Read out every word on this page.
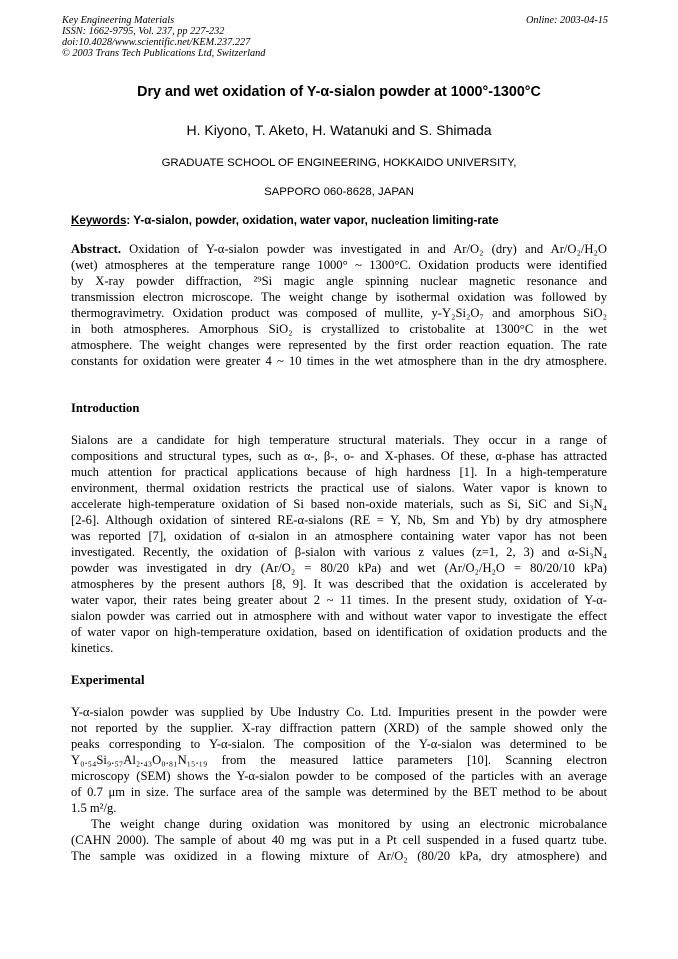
Key Engineering Materials
ISSN: 1662-9795, Vol. 237, pp 227-232
doi:10.4028/www.scientific.net/KEM.237.227
© 2003 Trans Tech Publications Ltd, Switzerland
Online: 2003-04-15
Dry and wet oxidation of Y-α-sialon powder at 1000°-1300°C
H. Kiyono, T. Aketo, H. Watanuki and S. Shimada
GRADUATE SCHOOL OF ENGINEERING, HOKKAIDO UNIVERSITY,
SAPPORO 060-8628, JAPAN
Keywords: Y-α-sialon, powder, oxidation, water vapor, nucleation limiting-rate
Abstract. Oxidation of Y-α-sialon powder was investigated in and Ar/O₂ (dry) and Ar/O₂/H₂O
(wet) atmospheres at the temperature range 1000° ~ 1300°C. Oxidation products were identified
by X-ray powder diffraction, ²⁹Si magic angle spinning nuclear magnetic resonance and
transmission electron microscope. The weight change by isothermal oxidation was followed by
thermogravimetry. Oxidation product was composed of mullite, y-Y₂Si₂O₇ and amorphous SiO₂
in both atmospheres. Amorphous SiO₂ is crystallized to cristobalite at 1300°C in the wet
atmosphere. The weight changes were represented by the first order reaction equation. The rate
constants for oxidation were greater 4 ~ 10 times in the wet atmosphere than in the dry atmosphere.
Introduction
Sialons are a candidate for high temperature structural materials. They occur in a range of
compositions and structural types, such as α-, β-, o- and X-phases. Of these, α-phase has attracted
much attention for practical applications because of high hardness [1]. In a high-temperature
environment, thermal oxidation restricts the practical use of sialons. Water vapor is known to
accelerate high-temperature oxidation of Si based non-oxide materials, such as Si, SiC and Si₃N₄
[2-6]. Although oxidation of sintered RE-α-sialons (RE = Y, Nb, Sm and Yb) by dry atmosphere
was reported [7], oxidation of α-sialon in an atmosphere containing water vapor has not been
investigated. Recently, the oxidation of β-sialon with various z values (z=1, 2, 3) and α-Si₃N₄
powder was investigated in dry (Ar/O₂ = 80/20 kPa) and wet (Ar/O₂/H₂O = 80/20/10 kPa)
atmospheres by the present authors [8, 9]. It was described that the oxidation is accelerated by
water vapor, their rates being greater about 2 ~ 11 times. In the present study, oxidation of Y-α-
sialon powder was carried out in atmosphere with and without water vapor to investigate the effect
of water vapor on high-temperature oxidation, based on identification of oxidation products and the
kinetics.
Experimental
Y-α-sialon powder was supplied by Ube Industry Co. Ltd. Impurities present in the powder were
not reported by the supplier. X-ray diffraction pattern (XRD) of the sample showed only the
peaks corresponding to Y-α-sialon. The composition of the Y-α-sialon was determined to be
Y₀.₅₄Si₉.₅₇Al₂.₄₃O₀.₈₁N₁₅.₁₉ from the measured lattice parameters [10]. Scanning electron
microscopy (SEM) shows the Y-α-sialon powder to be composed of the particles with an average
of 0.7 μm in size. The surface area of the sample was determined by the BET method to be about
1.5 m²/g.
The weight change during oxidation was monitored by using an electronic microbalance
(CAHN 2000). The sample of about 40 mg was put in a Pt cell suspended in a fused quartz tube.
The sample was oxidized in a flowing mixture of Ar/O₂ (80/20 kPa, dry atmosphere) and
